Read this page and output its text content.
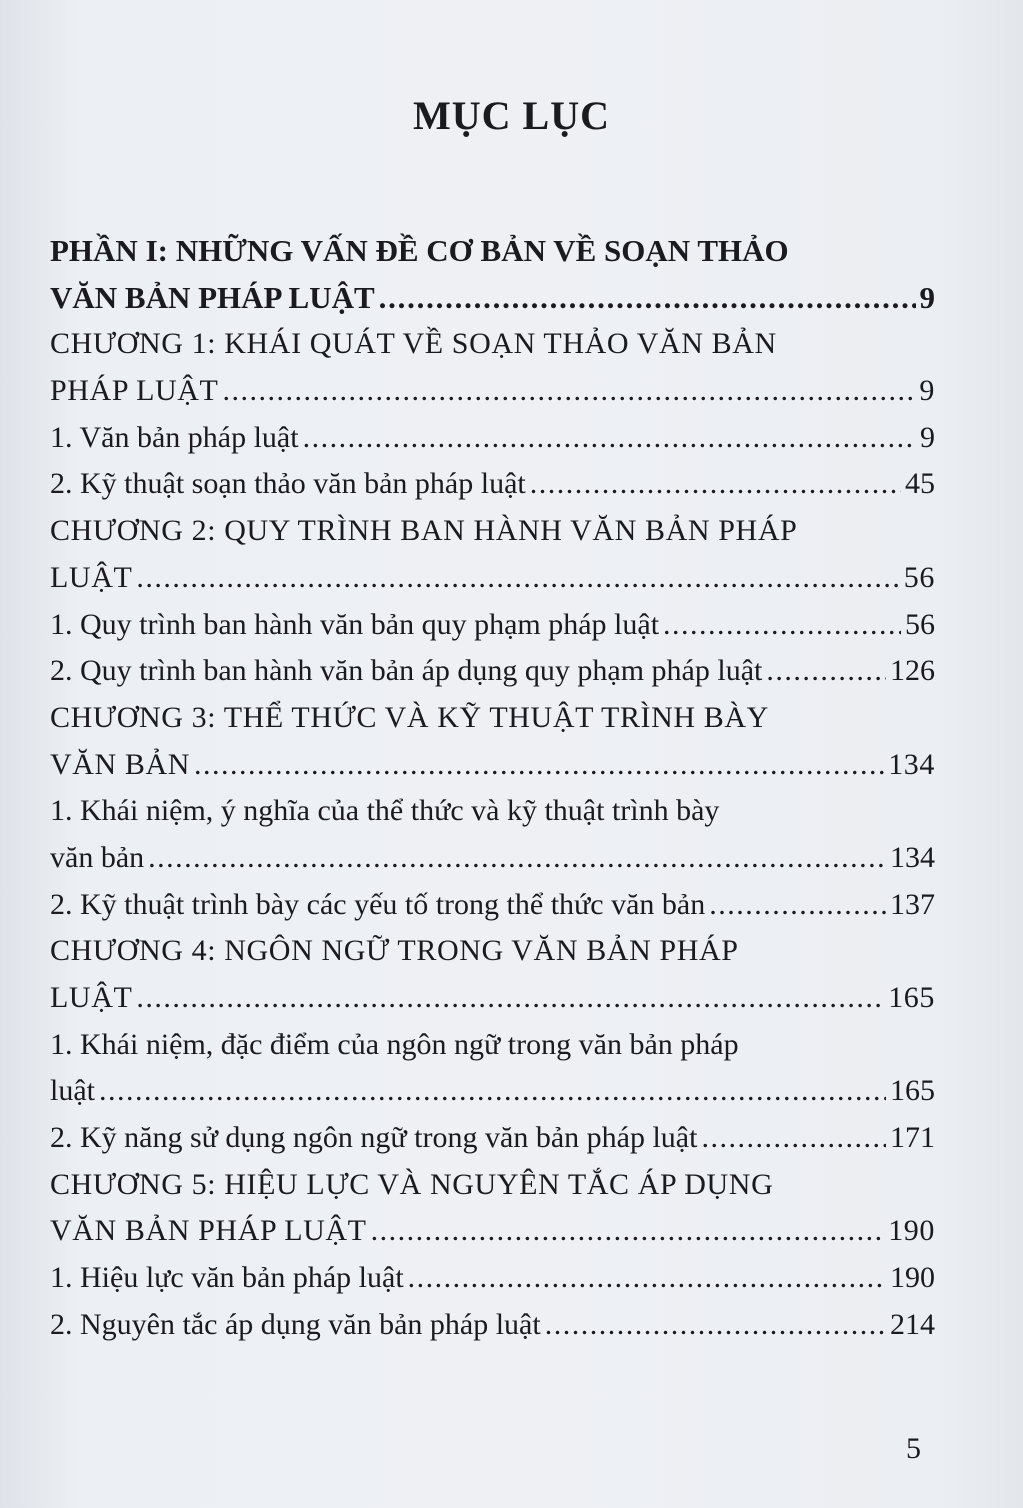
MỤC LỤC
PHẦN I: NHỮNG VẤN ĐỀ CƠ BẢN VỀ SOẠN THẢO
VĂN BẢN PHÁP LUẬT . . .	9
CHƯƠNG 1: KHÁI QUÁT VỀ SOẠN THẢO VĂN BẢN
PHÁP LUẬT . . .	9
1. Văn bản pháp luật . . .	9
2. Kỹ thuật soạn thảo văn bản pháp luật . . .	45
CHƯƠNG 2: QUY TRÌNH BAN HÀNH VĂN BẢN PHÁP
LUẬT . . .	56
1. Quy trình ban hành văn bản quy phạm pháp luật . . .	56
2. Quy trình ban hành văn bản áp dụng quy phạm pháp luật . . .	126
CHƯƠNG 3: THỂ THỨC VÀ KỸ THUẬT TRÌNH BÀY
VĂN BẢN . . .	134
1. Khái niệm, ý nghĩa của thể thức và kỹ thuật trình bày
văn bản . . .	134
2. Kỹ thuật trình bày các yếu tố trong thể thức văn bản . . .	137
CHƯƠNG 4: NGÔN NGỮ TRONG VĂN BẢN PHÁP
LUẬT . . .	165
1. Khái niệm, đặc điểm của ngôn ngữ trong văn bản pháp
luật . . .	165
2. Kỹ năng sử dụng ngôn ngữ trong văn bản pháp luật . . .	171
CHƯƠNG 5: HIỆU LỰC VÀ NGUYÊN TẮC ÁP DỤNG
VĂN BẢN PHÁP LUẬT . . .	190
1. Hiệu lực văn bản pháp luật . . .	190
2. Nguyên tắc áp dụng văn bản pháp luật . . .	214
5
